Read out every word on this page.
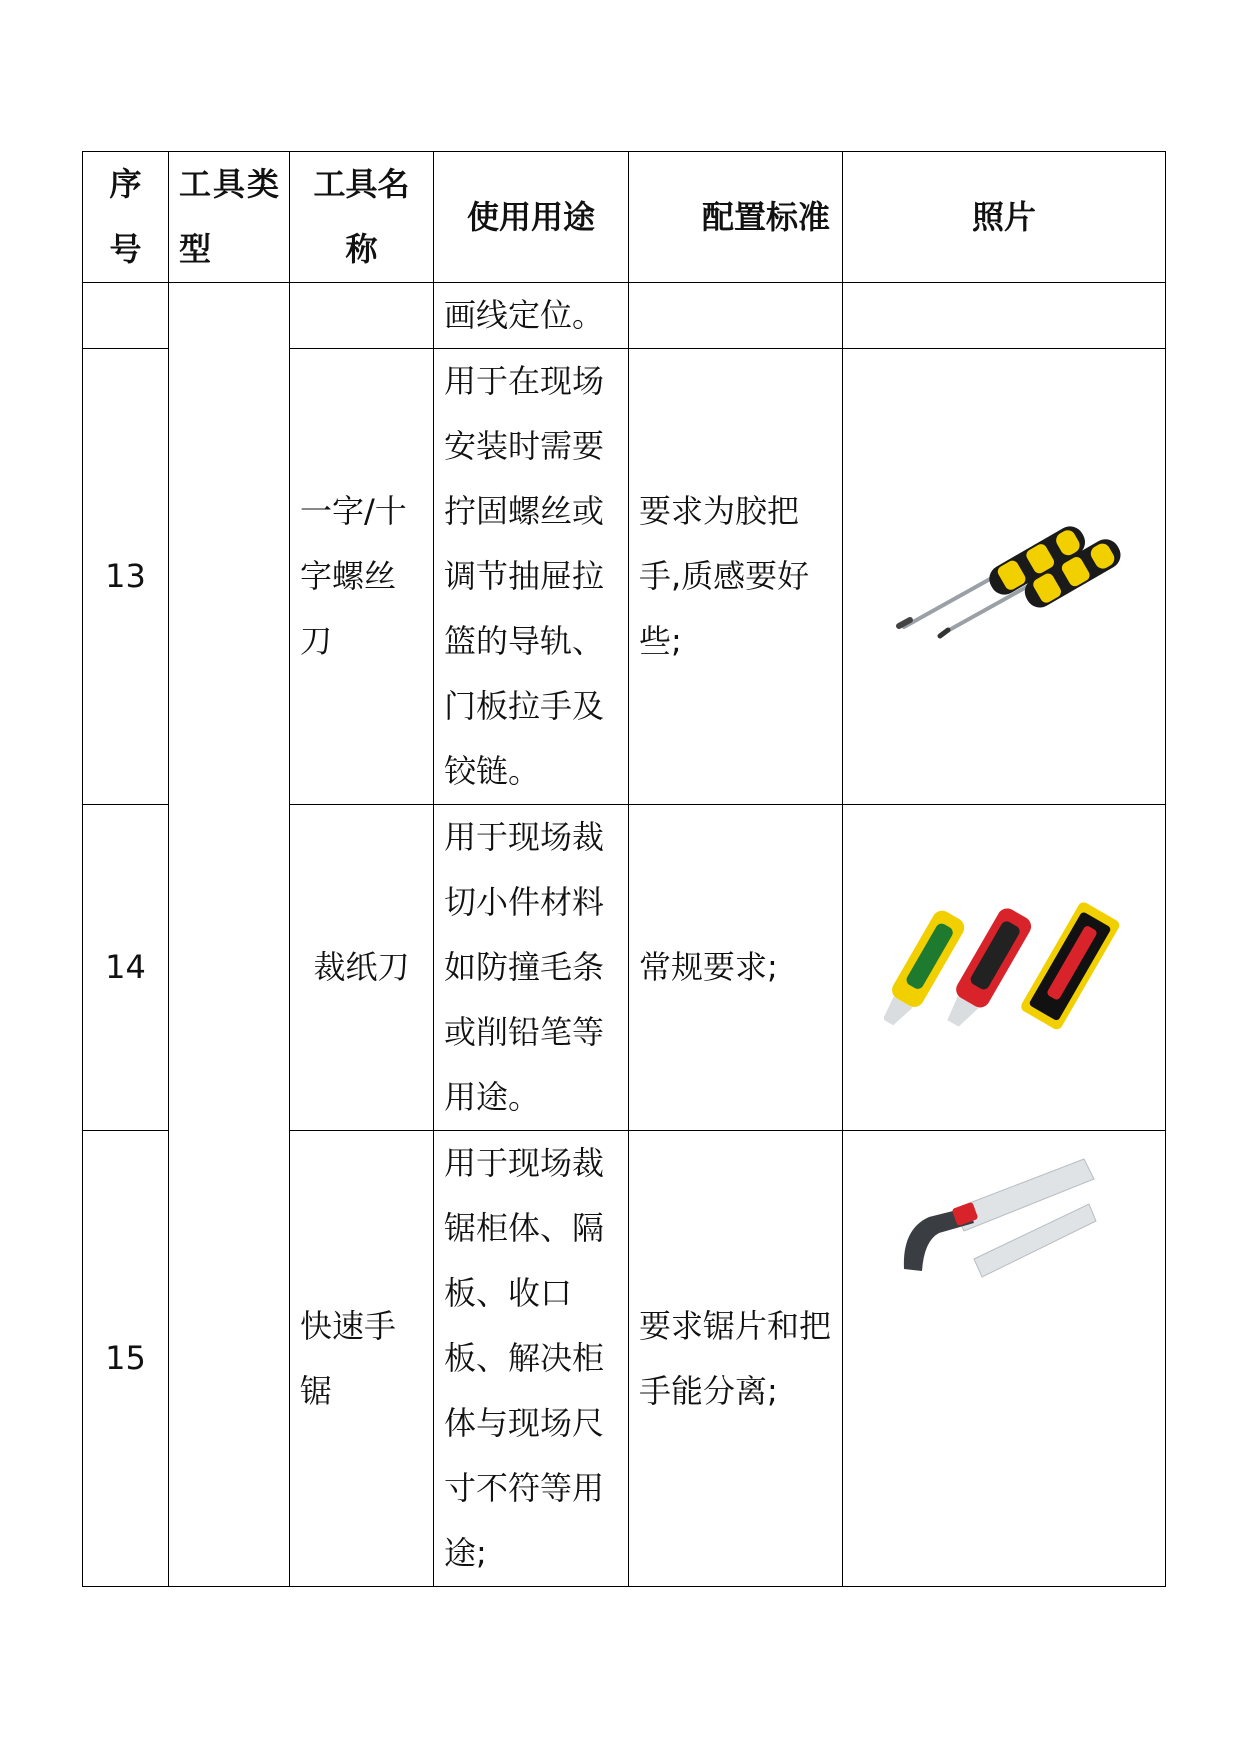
序号	工具类型	工具名称	使用用途	配置标准	照片

			画线定位。		

13		一字/十字螺丝刀	用于在现场安装时需要拧固螺丝或调节抽屉拉篮的导轨、门板拉手及铰链。	要求为胶把手,质感要好些;

14		裁纸刀	用于现场裁切小件材料如防撞毛条或削铅笔等用途。	常规要求;

15		快速手锯	用于现场裁锯柜体、隔板、收口板、解决柜体与现场尺寸不符等用途;	要求锯片和把手能分离;
